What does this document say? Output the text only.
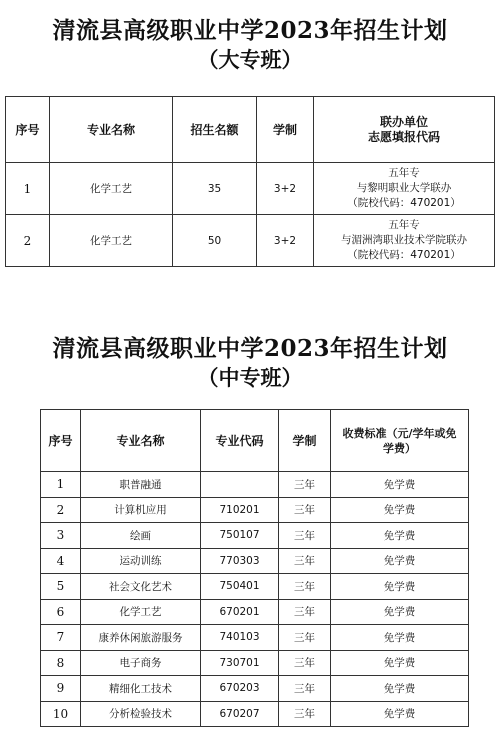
清流县高级职业中学2023年招生计划
（大专班）
序号	专业名称	招生名额	学制	联办单位
志愿填报代码

1	化学工艺	35	3+2	五年专
与黎明职业大学联办
（院校代码：470201）

2	化学工艺	50	3+2	五年专
与湄洲湾职业技术学院联办
（院校代码：470201）
清流县高级职业中学2023年招生计划
（中专班）
序号	专业名称	专业代码	学制	收费标准（元/学年或免
学费）

1	职普融通		三年	免学费
2	计算机应用	710201	三年	免学费
3	绘画	750107	三年	免学费
4	运动训练	770303	三年	免学费
5	社会文化艺术	750401	三年	免学费
6	化学工艺	670201	三年	免学费
7	康养休闲旅游服务	740103	三年	免学费
8	电子商务	730701	三年	免学费
9	精细化工技术	670203	三年	免学费
10	分析检验技术	670207	三年	免学费
